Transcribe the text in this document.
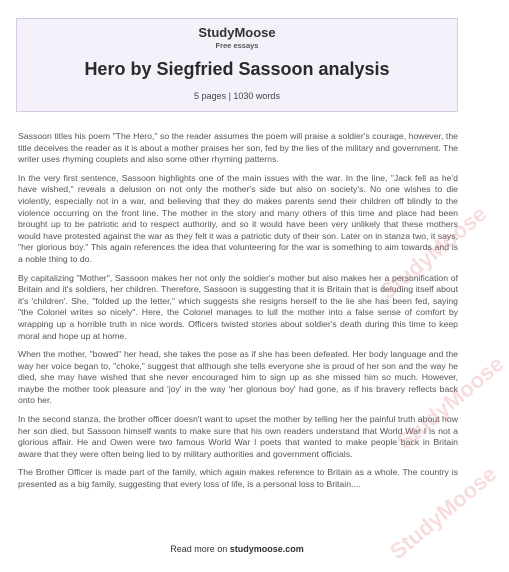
StudyMoose
Free essays
Hero by Siegfried Sassoon analysis
5 pages | 1030 words

Sassoon titles his poem "The Hero," so the reader assumes the poem will praise a soldier's courage, however, the title deceives the reader as it is about a mother praises her son, fed by the lies of the military and government. The writer uses rhyming couplets and also some other rhyming patterns.

In the very first sentence, Sassoon highlights one of the main issues with the war. In the line, "Jack fell as he'd have wished," reveals a delusion on not only the mother's side but also on society's. No one wishes to die violently, especially not in a war, and believing that they do makes parents send their children off blindly to the violence occurring on the front line. The mother in the story and many others of this time and place had been brought up to be patriotic and to respect authority, and so it would have been very unlikely that these mothers would have protested against the war as they felt it was a patriotic duty of their son. Later on in stanza two, it says, "her glorious boy." This again references the idea that volunteering for the war is something to aim towards and is a noble thing to do.

By capitalizing "Mother", Sassoon makes her not only the soldier's mother but also makes her a personification of Britain and it's soldiers, her children. Therefore, Sassoon is suggesting that it is Britain that is deluding itself about it's 'children'. She, "folded up the letter," which suggests she resigns herself to the lie she has been fed, saying "the Colonel writes so nicely". Here, the Colonel manages to lull the mother into a false sense of comfort by wrapping up a horrible truth in nice words. Officers twisted stories about soldier's death during this time to keep moral and hope up at home.

When the mother, "bowed" her head, she takes the pose as if she has been defeated. Her body language and the way her voice began to, "choke," suggest that although she tells everyone she is proud of her son and the way he died, she may have wished that she never encouraged him to sign up as she missed him so much. However, maybe the mother took pleasure and 'joy' in the way 'her glorious boy' had gone, as if his bravery reflects back onto her.

In the second stanza, the brother officer doesn't want to upset the mother by telling her the painful truth about how her son died, but Sassoon himself wants to make sure that his own readers understand that World War I is not a glorious affair. He and Owen were two famous World War I poets that wanted to make people back in Britain aware that they were often being lied to by military authorities and government officials.

The Brother Officer is made part of the family, which again makes reference to Britain as a whole. The country is presented as a big family, suggesting that every loss of life, is a personal loss to Britain....

StudyMoose
StudyMoose
StudyMoose
Read more on studymoose.com
